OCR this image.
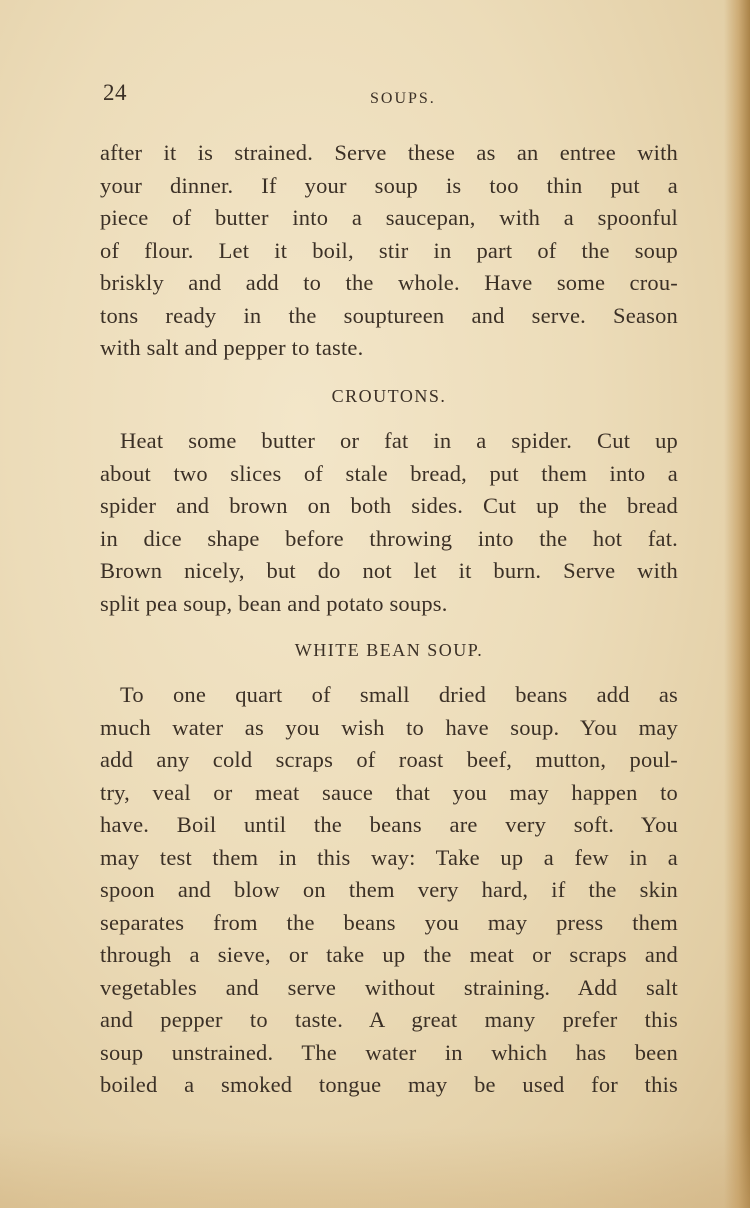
24	SOUPS.
after it is strained. Serve these as an entree with
your dinner. If your soup is too thin put a
piece of butter into a saucepan, with a spoonful
of flour. Let it boil, stir in part of the soup
briskly and add to the whole. Have some crou-
tons ready in the souptureen and serve. Season
with salt and pepper to taste.
CROUTONS.
Heat some butter or fat in a spider. Cut up
about two slices of stale bread, put them into a
spider and brown on both sides. Cut up the bread
in dice shape before throwing into the hot fat.
Brown nicely, but do not let it burn. Serve with
split pea soup, bean and potato soups.
WHITE BEAN SOUP.
To one quart of small dried beans add as
much water as you wish to have soup. You may
add any cold scraps of roast beef, mutton, poul-
try, veal or meat sauce that you may happen to
have. Boil until the beans are very soft. You
may test them in this way: Take up a few in a
spoon and blow on them very hard, if the skin
separates from the beans you may press them
through a sieve, or take up the meat or scraps and
vegetables and serve without straining. Add salt
and pepper to taste. A great many prefer this
soup unstrained. The water in which has been
boiled a smoked tongue may be used for this
